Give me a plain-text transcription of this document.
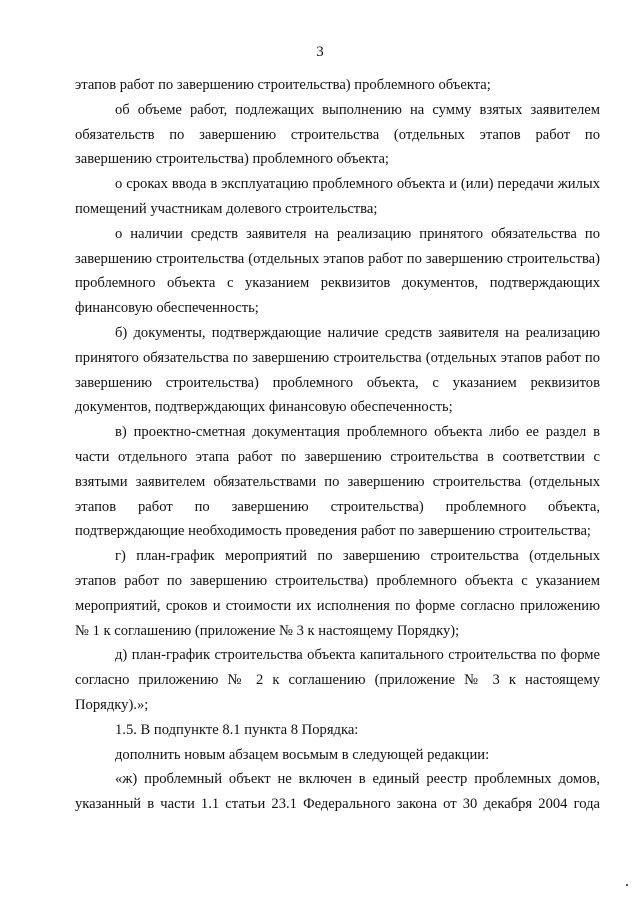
3

этапов работ по завершению строительства) проблемного объекта;

об объеме работ, подлежащих выполнению на сумму взятых заявителем обязательств по завершению строительства (отдельных этапов работ по завершению строительства) проблемного объекта;

о сроках ввода в эксплуатацию проблемного объекта и (или) передачи жилых помещений участникам долевого строительства;

о наличии средств заявителя на реализацию принятого обязательства по завершению строительства (отдельных этапов работ по завершению строительства) проблемного объекта с указанием реквизитов документов, подтверждающих финансовую обеспеченность;

б) документы, подтверждающие наличие средств заявителя на реализацию принятого обязательства по завершению строительства (отдельных этапов работ по завершению строительства) проблемного объекта, с указанием реквизитов документов, подтверждающих финансовую обеспеченность;

в) проектно-сметная документация проблемного объекта либо ее раздел в части отдельного этапа работ по завершению строительства в соответствии с взятыми заявителем обязательствами по завершению строительства (отдельных этапов работ по завершению строительства) проблемного объекта, подтверждающие необходимость проведения работ по завершению строительства;

г) план-график мероприятий по завершению строительства (отдельных этапов работ по завершению строительства) проблемного объекта с указанием мероприятий, сроков и стоимости их исполнения по форме согласно приложению № 1 к соглашению (приложение № 3 к настоящему Порядку);

д) план-график строительства объекта капитального строительства по форме согласно приложению № 2 к соглашению (приложение № 3 к настоящему Порядку).»;

1.5. В подпункте 8.1 пункта 8 Порядка:

дополнить новым абзацем восьмым в следующей редакции:

«ж) проблемный объект не включен в единый реестр проблемных домов, указанный в части 1.1 статьи 23.1 Федерального закона от 30 декабря 2004 года
